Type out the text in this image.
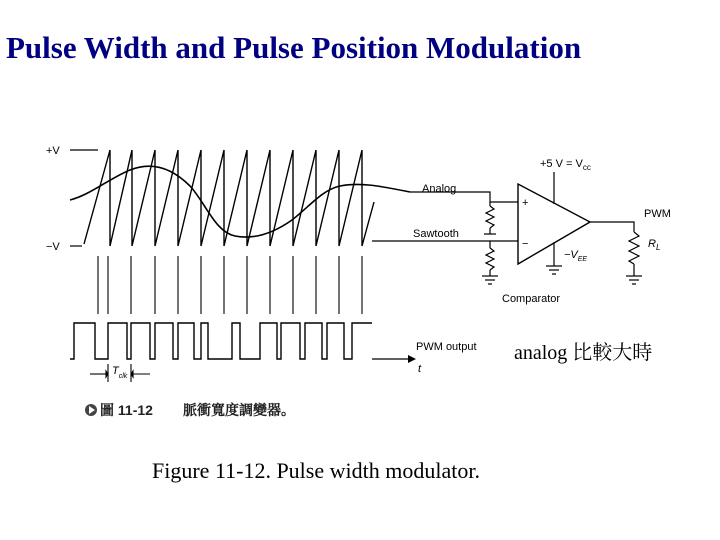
Pulse Width and Pulse Position Modulation
+V
−V
Analog
Sawtooth
+5 $V = V_{cc}$
+
−
PWM
$R_L$
$-V_{EE}$
Comparator
PWM output
t
$T_{clk}$
圖 11-12 脈衝寬度調變器。
analog 比較大時
Figure 11-12. Pulse width modulator.
